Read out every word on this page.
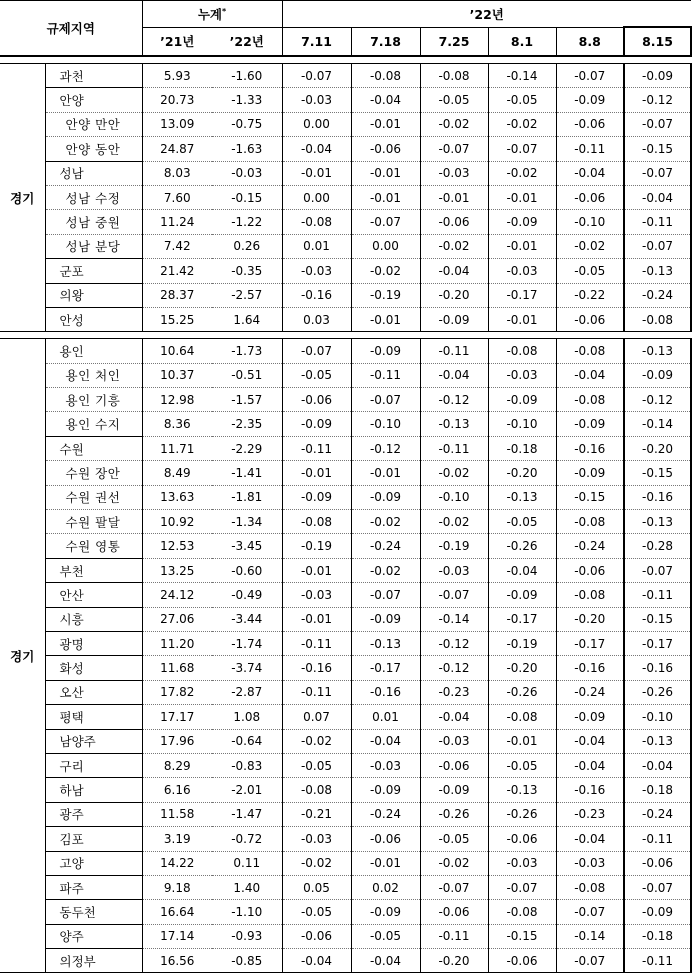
규제지역		누계*		’22년					
		’21년	’22년	7.11	7.18	7.25	8.1	8.8	8.15

경기	과천	5.93	-1.60	-0.07	-0.08	-0.08	-0.14	-0.07	-0.09
	안양	20.73	-1.33	-0.03	-0.04	-0.05	-0.05	-0.09	-0.12
	안양 만안	13.09	-0.75	0.00	-0.01	-0.02	-0.02	-0.06	-0.07
	안양 동안	24.87	-1.63	-0.04	-0.06	-0.07	-0.07	-0.11	-0.15
	성남	8.03	-0.03	-0.01	-0.01	-0.03	-0.02	-0.04	-0.07
	성남 수정	7.60	-0.15	0.00	-0.01	-0.01	-0.01	-0.06	-0.04
	성남 중원	11.24	-1.22	-0.08	-0.07	-0.06	-0.09	-0.10	-0.11
	성남 분당	7.42	0.26	0.01	0.00	-0.02	-0.01	-0.02	-0.07
	군포	21.42	-0.35	-0.03	-0.02	-0.04	-0.03	-0.05	-0.13
	의왕	28.37	-2.57	-0.16	-0.19	-0.20	-0.17	-0.22	-0.24
	안성	15.25	1.64	0.03	-0.01	-0.09	-0.01	-0.06	-0.08

경기	용인	10.64	-1.73	-0.07	-0.09	-0.11	-0.08	-0.08	-0.13
	용인 처인	10.37	-0.51	-0.05	-0.11	-0.04	-0.03	-0.04	-0.09
	용인 기흥	12.98	-1.57	-0.06	-0.07	-0.12	-0.09	-0.08	-0.12
	용인 수지	8.36	-2.35	-0.09	-0.10	-0.13	-0.10	-0.09	-0.14
	수원	11.71	-2.29	-0.11	-0.12	-0.11	-0.18	-0.16	-0.20
	수원 장안	8.49	-1.41	-0.01	-0.01	-0.02	-0.20	-0.09	-0.15
	수원 권선	13.63	-1.81	-0.09	-0.09	-0.10	-0.13	-0.15	-0.16
	수원 팔달	10.92	-1.34	-0.08	-0.02	-0.02	-0.05	-0.08	-0.13
	수원 영통	12.53	-3.45	-0.19	-0.24	-0.19	-0.26	-0.24	-0.28
	부천	13.25	-0.60	-0.01	-0.02	-0.03	-0.04	-0.06	-0.07
	안산	24.12	-0.49	-0.03	-0.07	-0.07	-0.09	-0.08	-0.11
	시흥	27.06	-3.44	-0.01	-0.09	-0.14	-0.17	-0.20	-0.15
	광명	11.20	-1.74	-0.11	-0.13	-0.12	-0.19	-0.17	-0.17
	화성	11.68	-3.74	-0.16	-0.17	-0.12	-0.20	-0.16	-0.16
	오산	17.82	-2.87	-0.11	-0.16	-0.23	-0.26	-0.24	-0.26
	평택	17.17	1.08	0.07	0.01	-0.04	-0.08	-0.09	-0.10
	남양주	17.96	-0.64	-0.02	-0.04	-0.03	-0.01	-0.04	-0.13
	구리	8.29	-0.83	-0.05	-0.03	-0.06	-0.05	-0.04	-0.04
	하남	6.16	-2.01	-0.08	-0.09	-0.09	-0.13	-0.16	-0.18
	광주	11.58	-1.47	-0.21	-0.24	-0.26	-0.26	-0.23	-0.24
	김포	3.19	-0.72	-0.03	-0.06	-0.05	-0.06	-0.04	-0.11
	고양	14.22	0.11	-0.02	-0.01	-0.02	-0.03	-0.03	-0.06
	파주	9.18	1.40	0.05	0.02	-0.07	-0.07	-0.08	-0.07
	동두천	16.64	-1.10	-0.05	-0.09	-0.06	-0.08	-0.07	-0.09
	양주	17.14	-0.93	-0.06	-0.05	-0.11	-0.15	-0.14	-0.18
	의정부	16.56	-0.85	-0.04	-0.04	-0.20	-0.06	-0.07	-0.11
